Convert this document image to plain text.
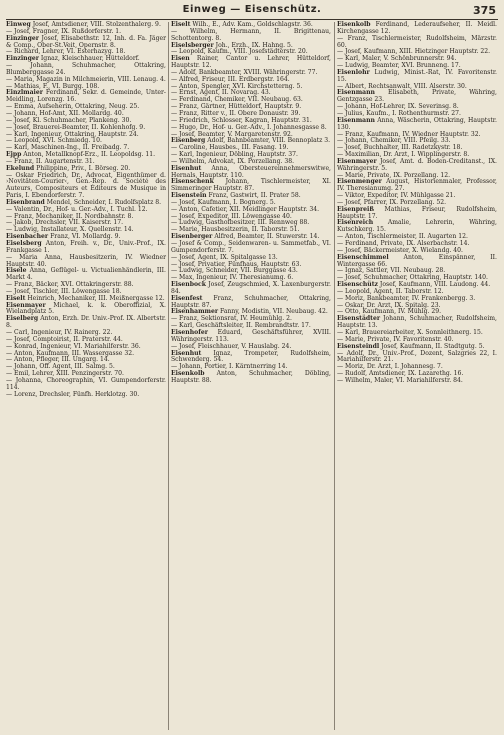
Einweg — Eisenschütz.	375

Einweg Josef, Amtsdiener, VIII. Stolzenthalerg. 9.

— Josef, Fragner, IX. Rußdorferstr. 1.

Einzinger Josef, Elisabethstr. 12, Inh. d. Fa. Jäger & Comp., Ober-St.Veit, Opernstr. 8.

— Richard, Lehrer, VI. Esterhazyg. 18.

Einzinger Ignaz, Kleischhauer, Hütteldorf.

— Johann, Schuhmacher, Ottakring, Blumberggasse 24.

— Maria, Magazin in Milchmeierin, VIII. Lenaug. 4.

— Mathias, F., VI. Burgg. 108.

Einzlmaier Ferdinand, Sekr. d. Gemeinde, Unter-Meidling, Lorenzg. 16.

— Emma, Aufseherin, Ottakring, Neug. 25.

— Johann, Hof-Amt, XII. Mollardg. 40.

— Josef, Kl. Schuhmacher, Plankeng. 30.

— Josef, Brauerei-Beamter, II. Kohlenhofg. 9.

— Karl, Ingenieur, Ottakring, Hauptstr. 24.

— Leopold, XVI. Schmiedg. 10.

— Karl, Maschinen-Ing., II. Freibadg. 7.

Ejpp Anton, Metallknopf-Erz., II. Leopoldsg. 11.

— Franz, II. Augartenstr. 31.

Ekelund Philippine, Priv., I. Börseg. 20.

— Oskar Friedrich, Dr., Advocat, Eigenthümer d. ›Novitäten-Courier‹, Gen.-Rep. d. Société des Auteurs, Compositeurs et Éditeurs de Musique in Paris, I. Ebendorferstr. 7.

Eisenbrand Mendel, Schneider, I. Rudolfsplatz 8.

— Valentin, Dr., Hof- u. Ger.-Adv., I. Tuchl. 12.

— Franz, Mechaniker, II. Nordbahnstr. 8.

— Jakob, Drechsler, VII. Kaiserstr. 17.

— Ludwig, Installateur, X. Quellenstr. 14.

Eisenbacher Franz, VI. Mollardg. 9.

Eiselsberg Anton, Freih. v., Dr., Univ.-Prof., IX. Frankgasse 1.

— Maria Anna, Hausbesitzerin, IV. Wiedner Hauptstr. 40.

Eisele Anna, Geflügel- u. Victualienhändlerin, III. Markt 4.

— Franz, Bäcker, XVI. Ottakringerstr. 88.

— Josef, Tischler, III. Löwengasse 18.

Eiselt Heinrich, Mechaniker, III. Meißnergasse 12.

Eisenmayer Michael, k. k. Oberoffizial, X. Wielandplatz 5.

Eiselberg Anton, Erzh. Dr. Univ.-Prof. IX. Albertstr. 8.

— Carl, Ingenieur, IV. Rainerg. 22.

— Josef, Comptoirist, II. Praterstr. 44.

— Konrad, Ingenieur, VI. Mariahilferstr. 36.

— Anton, Kaufmann, III. Wassergasse 32.

— Anton, Pfleger, III. Ungarg. 14.

— Johann, Off. Agent, III. Salmg. 5.

— Emil, Lehrer, XIII. Penzingerstr. 70.

— Johanna, Choreographin, VI. Gumpendorferstr. 114.

— Lorenz, Drechsler, Fünfh. Herklotzg. 30.

Eiselt Wilh., E., Adv. Kam., Goldschlagstr. 36.

— Wilhelm, Hermann, II. Brigittenau, Schottentorg. 8.

Eiselsberger Joh., Erzh., IX. Hahng. 5.

— Leopold, Kaufm., VIII. Josefstädterstr. 20.

Eisen Rainer, Cantor u. Lehrer, Hütteldorf, Hauptstr. 12.

— Adolf, Bankbeamter, XVIII. Währingerstr. 77.

— Alfred, Friseur, III. Erdbergstr. 164.

— Anton, Spengler, XVI. Kirchstetterng. 5.

— Ernst, Agent, II. Novarag. 43.

— Ferdinand, Chemiker, VII. Neubaug. 63.

— Franz, Gärtner, Hütteldorf, Hauptstr. 9.

— Franz, Ritter v., II. Obere Donaustr. 39.

— Friedrich, Schlosser, Kagran, Hauptstr. 31.

— Hugo, Dr., Hof- u. Ger.-Adv., I. Johannesgasse 8.

— Josef, Beamter, V. Margaretenstr. 92.

Eisenberg Adolf, Bahnbeamter, VIII. Bennoplatz 3.

— Caroline, Hausbes., III. Fasang. 19.

— Karl, Ingenieur, Döbling, Hauptstr. 37.

— Wilhelm, Advokat, IX. Porzellang. 38.

Eisenhut Anna, Obersteuereinnehmerswitwe, Hernals, Hauptstr. 110.

Eisenschenk Johann, Tischlermeister, XI. Simmeringer Hauptstr. 87.

Eisenstein Franz, Gastwirt, II. Prater 58.

— Josef, Kaufmann, I. Bognerg. 5.

— Anton, Cafetier, XII. Meidlinger Hauptstr. 34.

— Josef, Expeditor, III. Löwengasse 40.

— Ludwig, Gasthofbesitzer, III. Rennweg 88.

— Marie, Hausbesitzerin, II. Taborstr. 51.

Eisenberger Alfred, Beamter, II. Stuwerstr. 14.

— Josef & Comp., Seidenwaren- u. Sammetfab., VI. Gumpendorferstr. 7.

— Josef, Agent, IX. Spitalgasse 13.

— Josef, Privatier, Fünfhaus, Hauptstr. 63.

— Ludwig, Schneider, VII. Burggasse 43.

— Max, Ingenieur, IV. Theresianumg. 6.

Eisenbock Josef, Zeugschmied, X. Laxenburgerstr. 84.

Eisenfest Franz, Schuhmacher, Ottakring, Hauptstr. 87.

Eisenhammer Fanny, Modistin, VII. Neubaug. 42.

— Franz, Sektionsrat, IV. Heumühlg. 2.

— Karl, Geschäftsleiter, II. Rembrandtstr. 17.

Eisenhofer Eduard, Geschäftsführer, XVIII. Währingerstr. 113.

— Josef, Fleischhauer, V. Hauslabg. 24.

Eisenhut Ignaz, Trompeter, Rudolfsheim, Schwenderg. 54.

— Johann, Portier, I. Kärntnerring 14.

Eisenkolb Anton, Schuhmacher, Döbling, Hauptstr. 88.

Eisenkolb Ferdinand, Lederaufseher, II. Meidl. Kirchengasse 12.

— Franz, Tischlermeister, Rudolfsheim, Märzstr. 60.

— Josef, Kaufmann, XIII. Hietzinger Hauptstr. 22.

— Karl, Maler, V. Schönbrunnerstr. 94.

— Ludwig, Beamter, XVI. Brunneng. 17.

Eisenlohr Ludwig, Minist.-Rat, IV. Favoritenstr. 15.

— Albert, Rechtsanwalt, VIII. Alserstr. 30.

Eisenmann Elisabeth, Private, Währing, Gentzgasse 23.

— Johann, Hof-Lehrer, IX. Severinsg. 8.

— Julius, Kaufm., I. Rothenthurmstr. 27.

Eisenmann Anna, Wäscherin, Ottakring, Hauptstr. 130.

— Franz, Kaufmann, IV. Wiedner Hauptstr. 32.

— Johann, Chemiker, VIII. Pfeilg. 33.

— Josef, Buchhalter, III. Radetzkystr. 18.

— Maximilian, Dr. Arzt, I. Wipplingerstr. 8.

Eisenmayer Josef, Amt. d. Boden-Creditanst., IX. Währingerstr. 5.

— Marie, Private, IX. Porzellang. 12.

Eisenmenger August, Historienmaler, Professor, IV. Theresianumg. 27.

— Viktor, Expeditor, IV. Mühlgasse 21.

— Josef, Pfarrer, IX. Porzellang. 52.

Eisenpreiß Mathias, Friseur, Rudolfsheim, Hauptstr. 17.

Eisenreich Amalie, Lehrerin, Währing, Kutschkerg. 15.

— Anton, Tischlermeister, II. Augarten 12.

— Ferdinand, Private, IX. Alserbachstr. 14.

— Josef, Bäckermeister, X. Wielandg. 40.

Eisenschimmel Anton, Einspänner, II. Wintergasse 66.

— Ignaz, Sattler, VII. Neubaug. 28.

— Josef, Schuhmacher, Ottakring, Hauptstr. 140.

Eisenschütz Josef, Kaufmann, VIII. Laudong. 44.

— Leopold, Agent, II. Taborstr. 12.

— Moriz, Bankbeamter, IV. Frankenbergg. 3.

— Oskar, Dr. Arzt, IX. Spitalg. 23.

— Otto, Kaufmann, IV. Mühlg. 29.

Eisenstädter Johann, Schuhmacher, Rudolfsheim, Hauptstr. 13.

— Karl, Brauereiarbeiter, X. Sonnleithnerg. 15.

— Marie, Private, IV. Favoritenstr. 40.

Eisensteindl Josef, Kaufmann, II. Stadtgutg. 5.

— Adolf, Dr., Univ.-Prof., Dozent, Salzgries 22, I. Mariahilferstr. 21.

— Moriz, Dr. Arzt, I. Johannesg. 7.

— Rudolf, Amtsdiener, IX. Lazarethg. 16.

— Wilhelm, Maler, VI. Mariahilferstr. 84.
